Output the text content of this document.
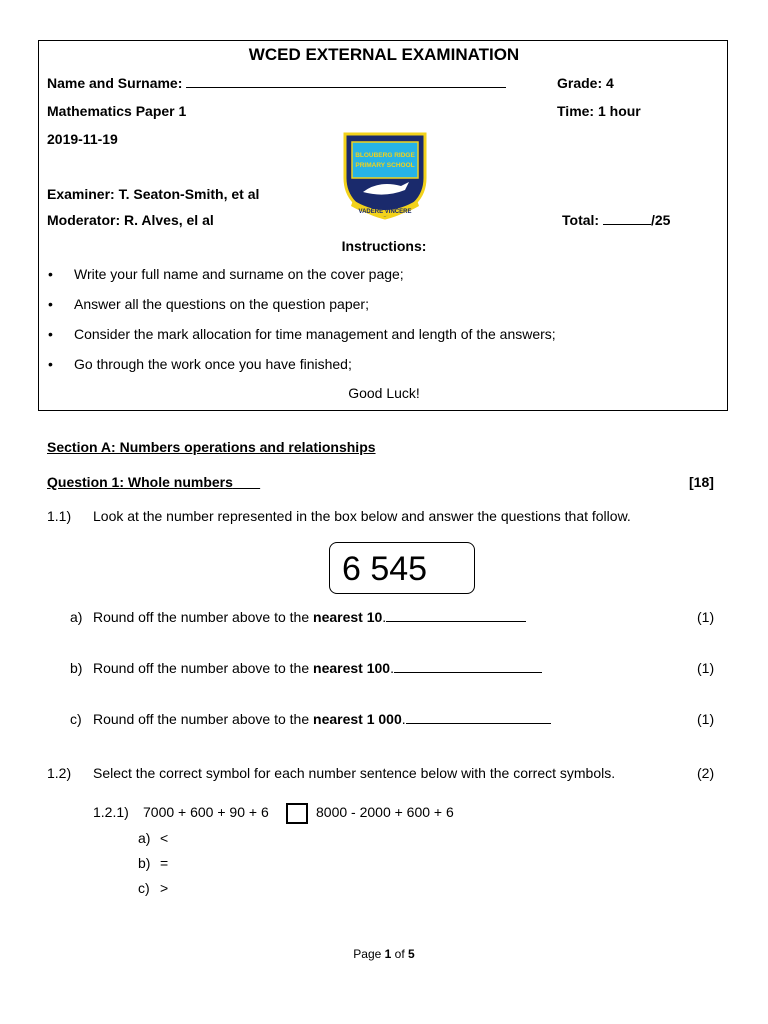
WCED EXTERNAL EXAMINATION
Name and Surname:	Grade: 4
Mathematics Paper 1	Time: 1 hour
2019-11-19
Examiner: T. Seaton-Smith, et al
Moderator: R. Alves, el al	Total:	/25
BLOUBERG RIDGE
PRIMARY SCHOOL
VADERE VINCERE
Instructions:
• Write your full name and surname on the cover page;
• Answer all the questions on the question paper;
• Consider the mark allocation for time management and length of the answers;
• Go through the work once you have finished;
Good Luck!
Section A: Numbers operations and relationships
Question 1: Whole numbers	[18]
1.1) Look at the number represented in the box below and answer the questions that follow.
6 545
a) Round off the number above to the nearest 10.	(1)
b) Round off the number above to the nearest 100.	(1)
c) Round off the number above to the nearest 1 000.	(1)
1.2) Select the correct symbol for each number sentence below with the correct symbols.	(2)
1.2.1) 7000 + 600 + 90 + 6	8000 - 2000 + 600 + 6
a) <
b) =
c) >
Page 1 of 5
